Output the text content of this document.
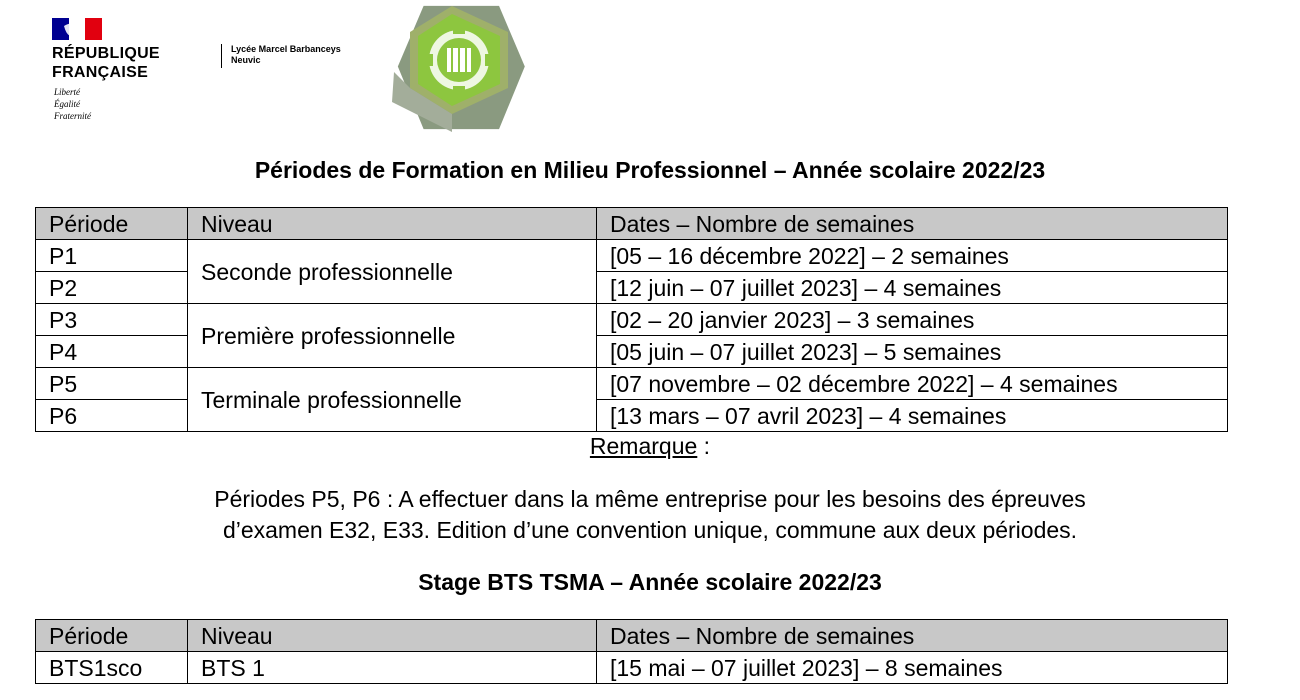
RÉPUBLIQUE
FRANÇAISE
Liberté
Égalité
Fraternité
Lycée Marcel Barbanceys
Neuvic
Périodes de Formation en Milieu Professionnel – Année scolaire 2022/23
Période	Niveau	Dates – Nombre de semaines
P1	Seconde professionnelle	[05 – 16 décembre 2022] – 2 semaines
P2		[12 juin – 07 juillet 2023] – 4 semaines
P3	Première professionnelle	[02 – 20 janvier 2023] – 3 semaines
P4		[05 juin – 07 juillet 2023] – 5 semaines
P5	Terminale professionnelle	[07 novembre – 02 décembre 2022] – 4 semaines
P6		[13 mars – 07 avril 2023] – 4 semaines
Remarque :
Périodes P5, P6 : A effectuer dans la même entreprise pour les besoins des épreuves
d’examen E32, E33. Edition d’une convention unique, commune aux deux périodes.
Stage BTS TSMA – Année scolaire 2022/23
Période	Niveau	Dates – Nombre de semaines
BTS1sco	BTS 1	[15 mai – 07 juillet 2023] – 8 semaines
